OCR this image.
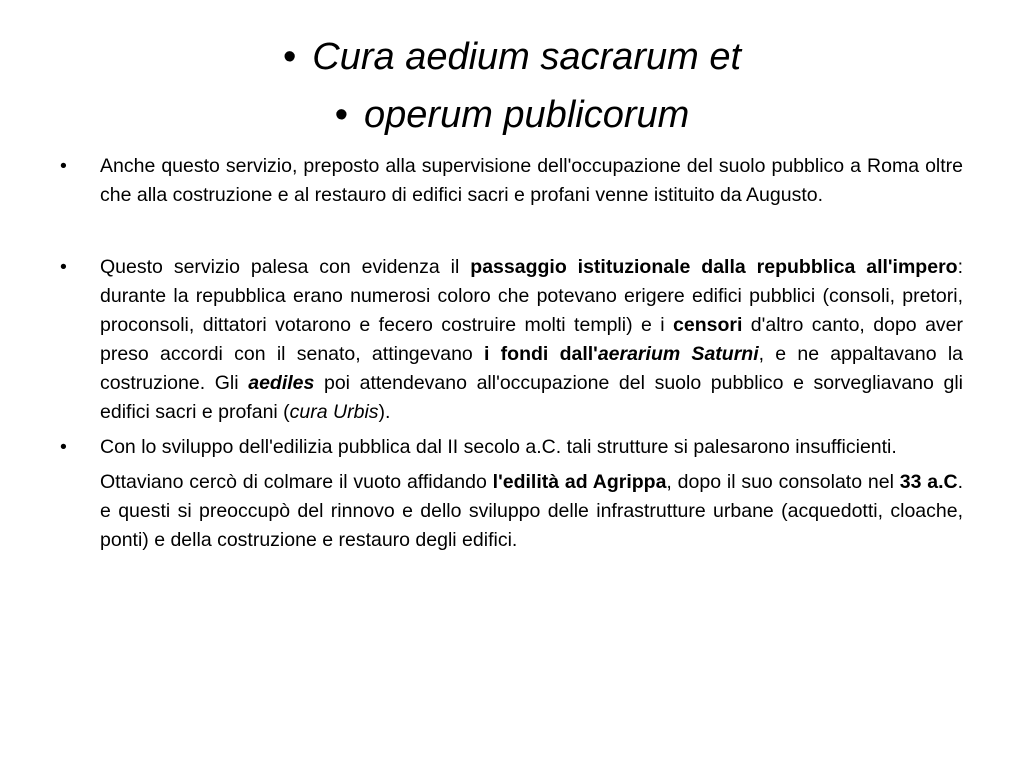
• Cura aedium sacrarum et
• operum publicorum
• Anche questo servizio, preposto alla supervisione dell'occupazione del suolo pubblico a Roma oltre che alla costruzione e al restauro di edifici sacri e profani venne istituito da Augusto.
• Questo servizio palesa con evidenza il passaggio istituzionale dalla repubblica all'impero: durante la repubblica erano numerosi coloro che potevano erigere edifici pubblici (consoli, pretori, proconsoli, dittatori votarono e fecero costruire molti templi) e i censori d'altro canto, dopo aver preso accordi con il senato, attingevano i fondi dall'aerarium Saturni, e ne appaltavano la costruzione. Gli aediles poi attendevano all'occupazione del suolo pubblico e sorvegliavano gli edifici sacri e profani (cura Urbis).
• Con lo sviluppo dell'edilizia pubblica dal II secolo a.C. tali strutture si palesarono insufficienti.
Ottaviano cercò di colmare il vuoto affidando l'edilità ad Agrippa, dopo il suo consolato nel 33 a.C. e questi si preoccupò del rinnovo e dello sviluppo delle infrastrutture urbane (acquedotti, cloache, ponti) e della costruzione e restauro degli edifici.
